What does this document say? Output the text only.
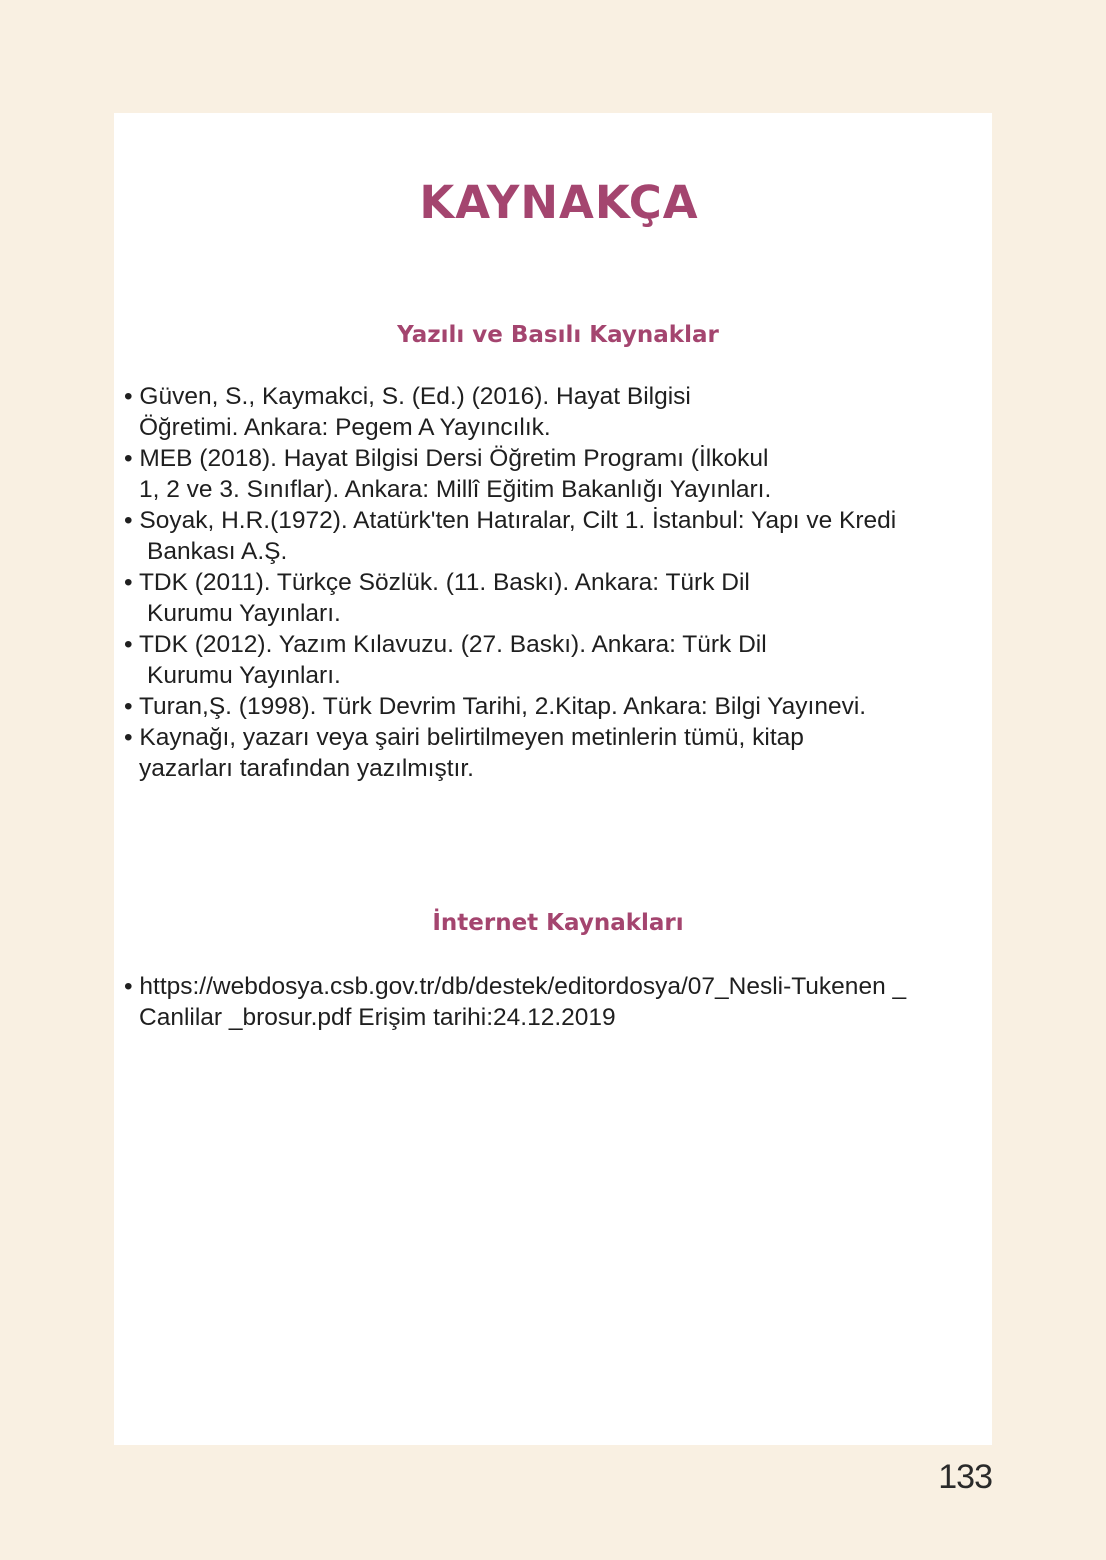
KAYNAKÇA
Yazılı ve Basılı Kaynaklar
• Güven, S., Kaymakci, S. (Ed.) (2016). Hayat Bilgisi
Öğretimi. Ankara: Pegem A Yayıncılık.
• MEB (2018). Hayat Bilgisi Dersi Öğretim Programı (İlkokul
1, 2 ve 3. Sınıflar). Ankara: Millî Eğitim Bakanlığı Yayınları.
• Soyak, H.R.(1972). Atatürk'ten Hatıralar, Cilt 1. İstanbul: Yapı ve Kredi
Bankası A.Ş.
• TDK (2011). Türkçe Sözlük. (11. Baskı). Ankara: Türk Dil
Kurumu Yayınları.
• TDK (2012). Yazım Kılavuzu. (27. Baskı). Ankara: Türk Dil
Kurumu Yayınları.
• Turan,Ş. (1998). Türk Devrim Tarihi, 2.Kitap. Ankara: Bilgi Yayınevi.
• Kaynağı, yazarı veya şairi belirtilmeyen metinlerin tümü, kitap
yazarları tarafından yazılmıştır.
İnternet Kaynakları
• https://webdosya.csb.gov.tr/db/destek/editordosya/07_Nesli-Tukenen _
Canlilar _brosur.pdf Erişim tarihi:24.12.2019
133
